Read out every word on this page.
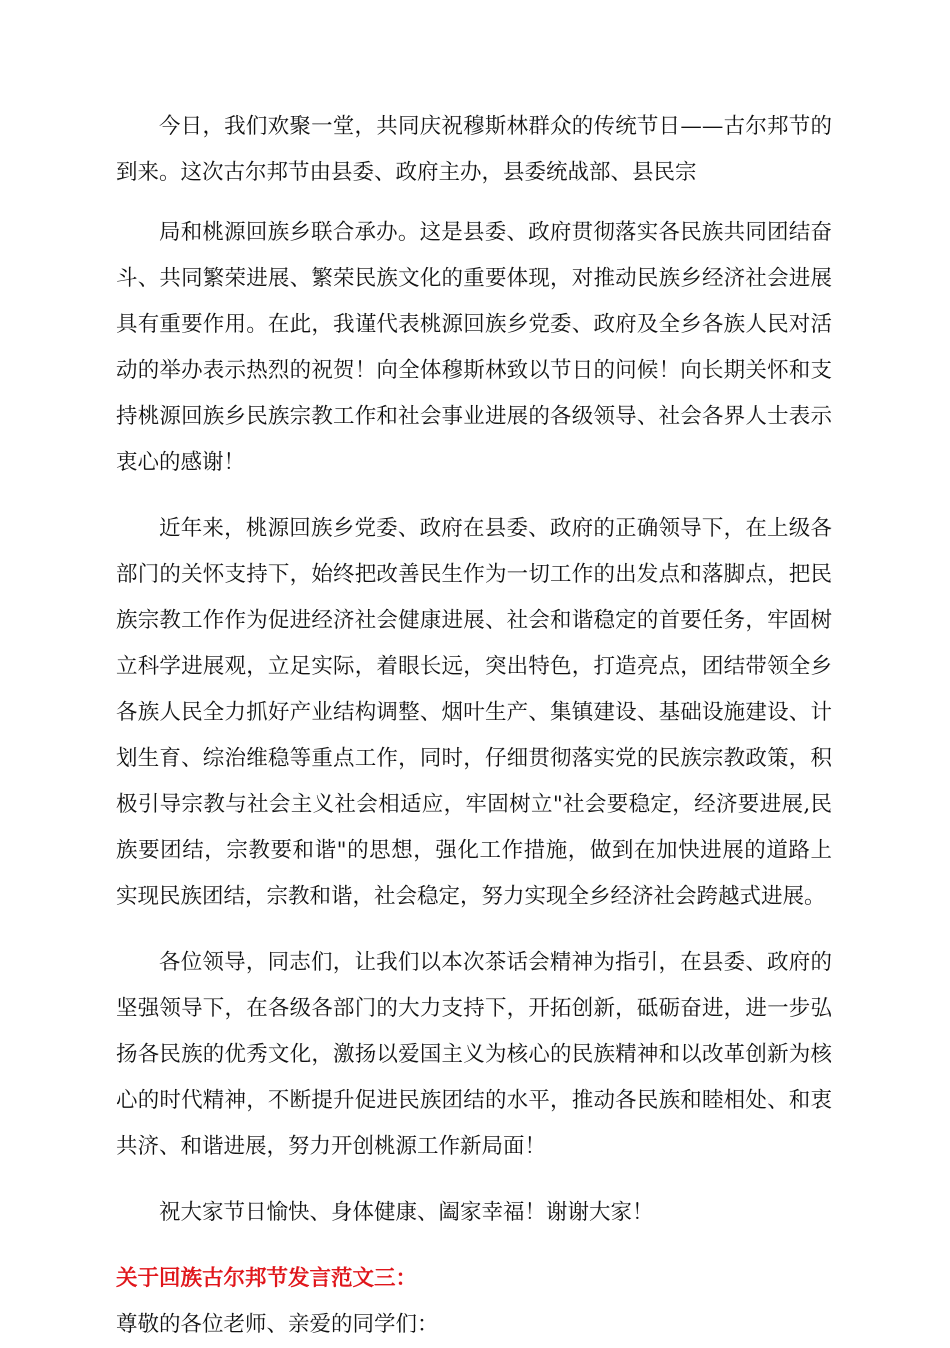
今日，我们欢聚一堂，共同庆祝穆斯林群众的传统节日——古尔邦节的到来。这次古尔邦节由县委、政府主办，县委统战部、县民宗

局和桃源回族乡联合承办。这是县委、政府贯彻落实各民族共同团结奋斗、共同繁荣进展、繁荣民族文化的重要体现，对推动民族乡经济社会进展具有重要作用。在此，我谨代表桃源回族乡党委、政府及全乡各族人民对活动的举办表示热烈的祝贺！向全体穆斯林致以节日的问候！向长期关怀和支持桃源回族乡民族宗教工作和社会事业进展的各级领导、社会各界人士表示衷心的感谢！

近年来，桃源回族乡党委、政府在县委、政府的正确领导下，在上级各部门的关怀支持下，始终把改善民生作为一切工作的出发点和落脚点，把民族宗教工作作为促进经济社会健康进展、社会和谐稳定的首要任务，牢固树立科学进展观，立足实际，着眼长远，突出特色，打造亮点，团结带领全乡各族人民全力抓好产业结构调整、烟叶生产、集镇建设、基础设施建设、计划生育、综治维稳等重点工作，同时，仔细贯彻落实党的民族宗教政策，积极引导宗教与社会主义社会相适应，牢固树立"社会要稳定，经济要进展,民族要团结，宗教要和谐"的思想，强化工作措施，做到在加快进展的道路上实现民族团结，宗教和谐，社会稳定，努力实现全乡经济社会跨越式进展。

各位领导，同志们，让我们以本次茶话会精神为指引，在县委、政府的坚强领导下，在各级各部门的大力支持下，开拓创新，砥砺奋进，进一步弘扬各民族的优秀文化，激扬以爱国主义为核心的民族精神和以改革创新为核心的时代精神，不断提升促进民族团结的水平，推动各民族和睦相处、和衷共济、和谐进展，努力开创桃源工作新局面！

祝大家节日愉快、身体健康、阖家幸福！谢谢大家！

关于回族古尔邦节发言范文三：

尊敬的各位老师、亲爱的同学们：
